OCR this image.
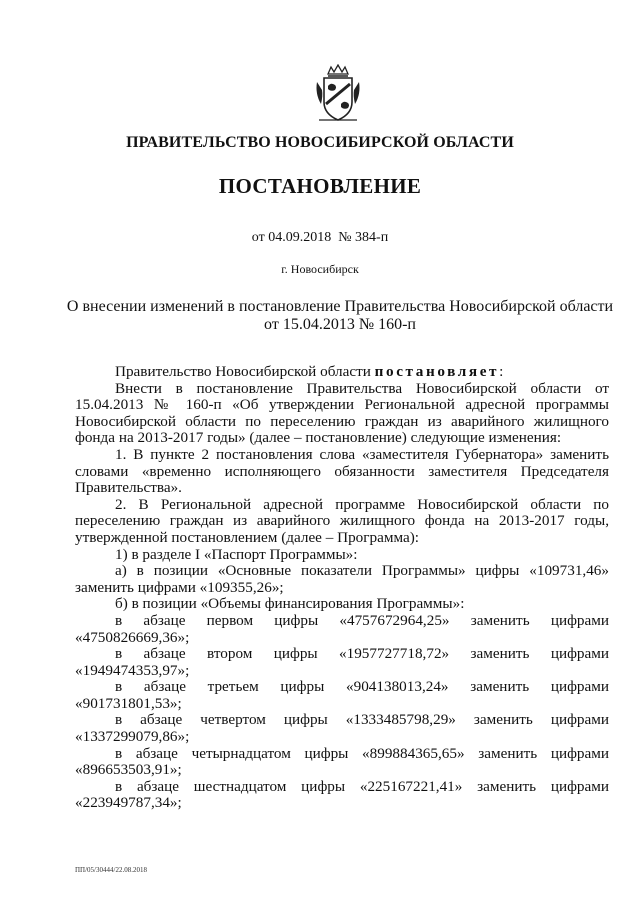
ПРАВИТЕЛЬСТВО НОВОСИБИРСКОЙ ОБЛАСТИ
ПОСТАНОВЛЕНИЕ
от 04.09.2018  № 384-п
г. Новосибирск
О внесении изменений в постановление Правительства Новосибирской области
от 15.04.2013 № 160-п

Правительство Новосибирской области постановляет:

Внести в постановление Правительства Новосибирской области от 15.04.2013 № 160-п «Об утверждении Региональной адресной программы Новосибирской области по переселению граждан из аварийного жилищного фонда на 2013-2017 годы» (далее – постановление) следующие изменения:

1. В пункте 2 постановления слова «заместителя Губернатора» заменить словами «временно исполняющего обязанности заместителя Председателя Правительства».

2. В Региональной адресной программе Новосибирской области по переселению граждан из аварийного жилищного фонда на 2013-2017 годы, утвержденной постановлением (далее – Программа):

1) в разделе I «Паспорт Программы»:

а) в позиции «Основные показатели Программы» цифры «109731,46» заменить цифрами «109355,26»;

б) в позиции «Объемы финансирования Программы»:

в абзаце первом цифры «4757672964,25» заменить цифрами «4750826669,36»;

в абзаце втором цифры «1957727718,72» заменить цифрами «1949474353,97»;

в абзаце третьем цифры «904138013,24» заменить цифрами «901731801,53»;

в абзаце четвертом цифры «1333485798,29» заменить цифрами «1337299079,86»;

в абзаце четырнадцатом цифры «899884365,65» заменить цифрами «896653503,91»;

в абзаце шестнадцатом цифры «225167221,41» заменить цифрами «223949787,34»;

ПП/05/30444/22.08.2018
